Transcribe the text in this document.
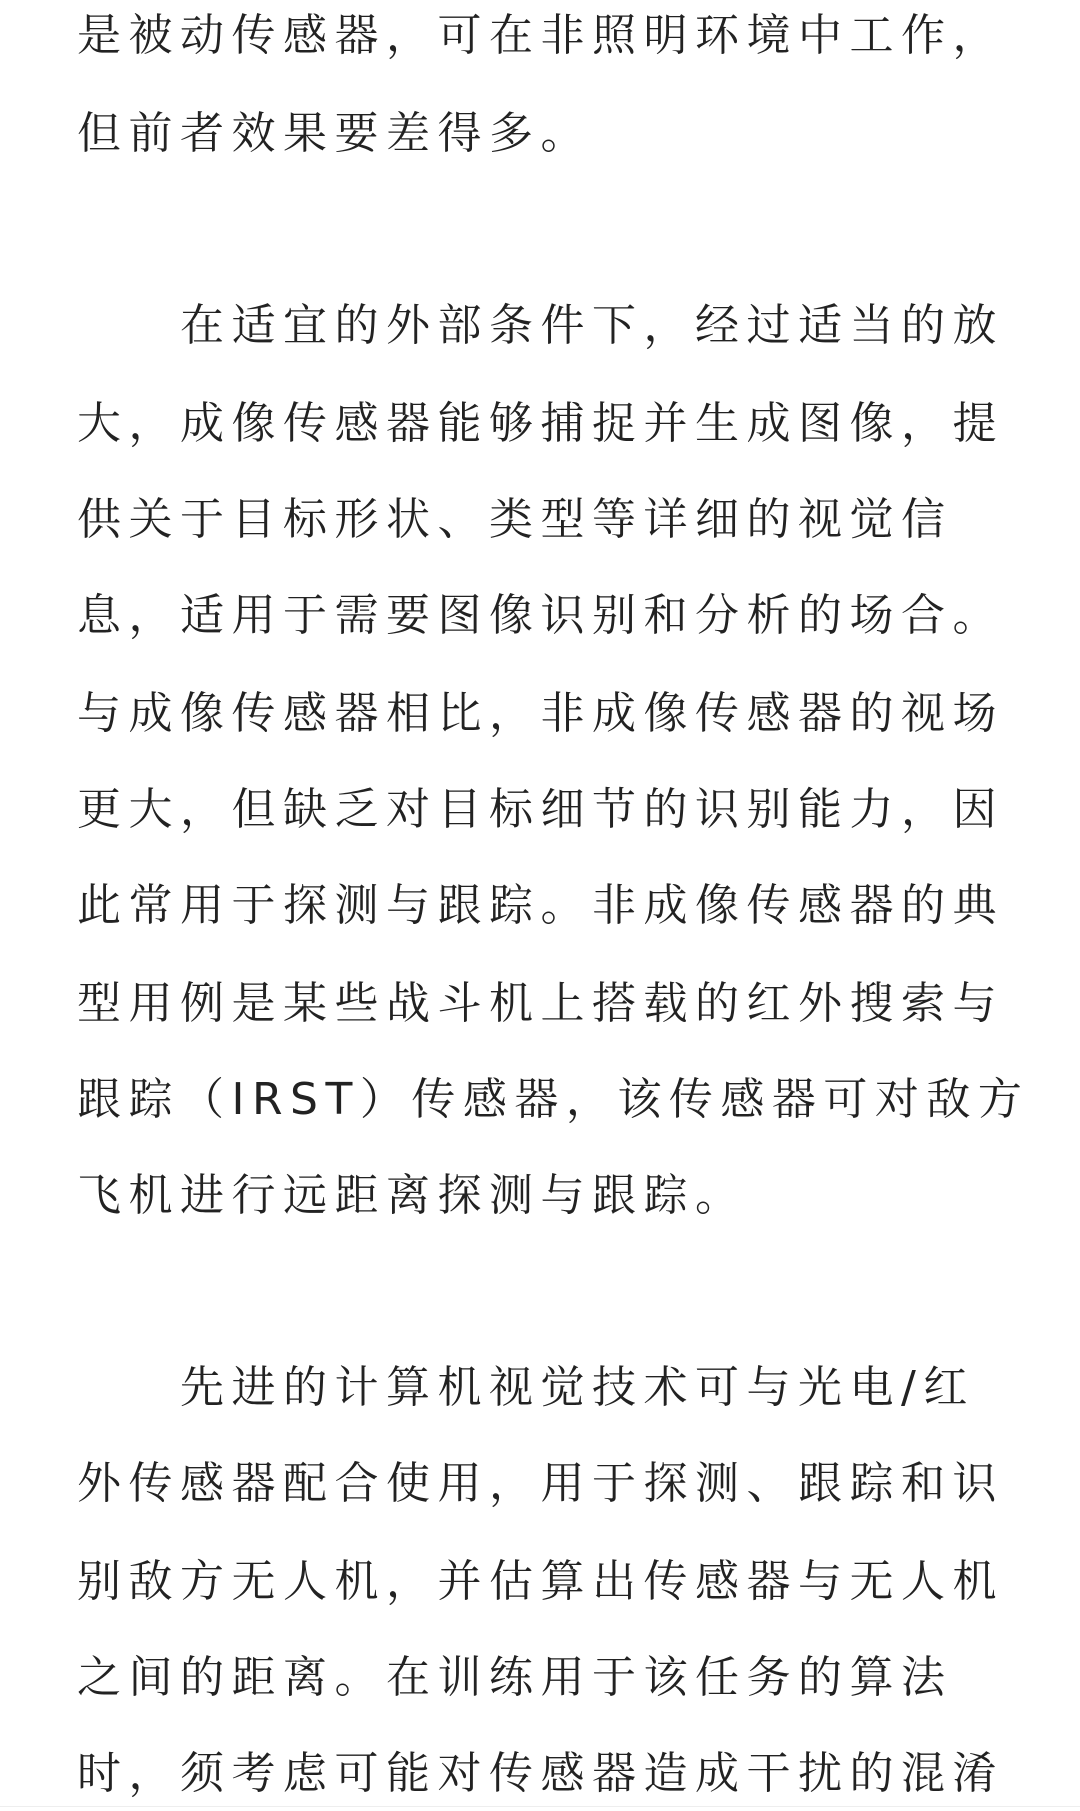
是被动传感器，可在非照明环境中工作，
但前者效果要差得多。
　　在适宜的外部条件下，经过适当的放
大，成像传感器能够捕捉并生成图像，提
供关于目标形状、类型等详细的视觉信
息，适用于需要图像识别和分析的场合。
与成像传感器相比，非成像传感器的视场
更大，但缺乏对目标细节的识别能力，因
此常用于探测与跟踪。非成像传感器的典
型用例是某些战斗机上搭载的红外搜索与
跟踪（IRST）传感器，该传感器可对敌方
飞机进行远距离探测与跟踪。
　　先进的计算机视觉技术可与光电/红
外传感器配合使用，用于探测、跟踪和识
别敌方无人机，并估算出传感器与无人机
之间的距离。在训练用于该任务的算法
时，须考虑可能对传感器造成干扰的混淆
